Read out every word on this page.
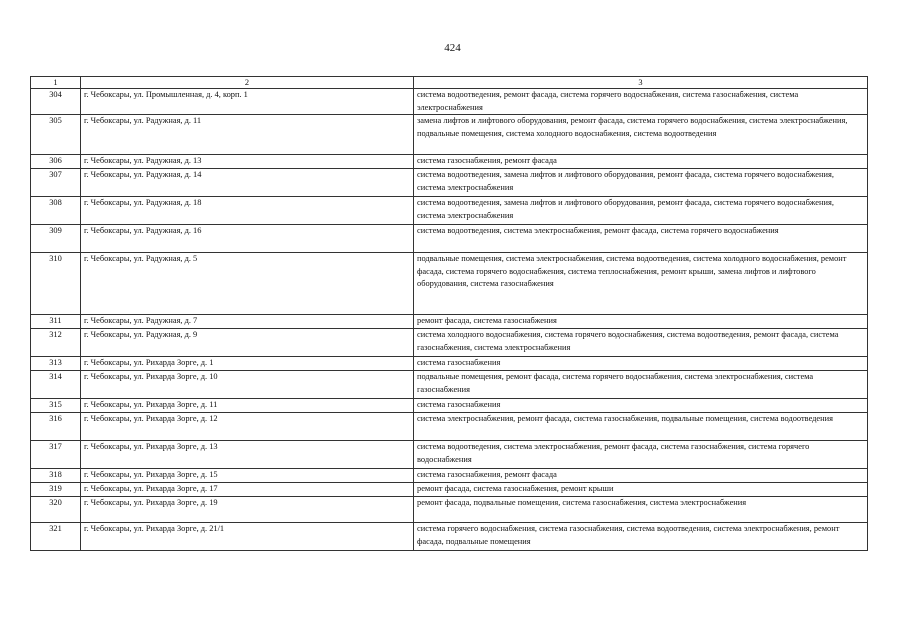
424
1	2	3

304	г. Чебоксары, ул. Промышленная, д. 4, корп. 1	система водоотведения, ремонт фасада, система горячего водоснабжения, система газоснабжения, система электроснабжения

305	г. Чебоксары, ул. Радужная, д. 11	замена лифтов и лифтового оборудования, ремонт фасада, система горячего водоснабжения, система электроснабжения, подвальные помещения, система холодного водоснабжения, система водоотведения

306	г. Чебоксары, ул. Радужная, д. 13	система газоснабжения, ремонт фасада

307	г. Чебоксары, ул. Радужная, д. 14	система водоотведения, замена лифтов и лифтового оборудования, ремонт фасада, система горячего водоснабжения, система электроснабжения

308	г. Чебоксары, ул. Радужная, д. 18	система водоотведения, замена лифтов и лифтового оборудования, ремонт фасада, система горячего водоснабжения, система электроснабжения

309	г. Чебоксары, ул. Радужная, д. 16	система водоотведения, система электроснабжения, ремонт фасада, система горячего водоснабжения

310	г. Чебоксары, ул. Радужная, д. 5	подвальные помещения, система электроснабжения, система водоотведения, система холодного водоснабжения, ремонт фасада, система горячего водоснабжения, система теплоснабжения, ремонт крыши, замена лифтов и лифтового оборудования, система газоснабжения

311	г. Чебоксары, ул. Радужная, д. 7	ремонт фасада, система газоснабжения

312	г. Чебоксары, ул. Радужная, д. 9	система холодного водоснабжения, система горячего водоснабжения, система водоотведения, ремонт фасада, система газоснабжения, система электроснабжения

313	г. Чебоксары, ул. Рихарда Зорге, д. 1	система газоснабжения

314	г. Чебоксары, ул. Рихарда Зорге, д. 10	подвальные помещения, ремонт фасада, система горячего водоснабжения, система электроснабжения, система газоснабжения

315	г. Чебоксары, ул. Рихарда Зорге, д. 11	система газоснабжения

316	г. Чебоксары, ул. Рихарда Зорге, д. 12	система электроснабжения, ремонт фасада, система газоснабжения, подвальные помещения, система водоотведения

317	г. Чебоксары, ул. Рихарда Зорге, д. 13	система водоотведения, система электроснабжения, ремонт фасада, система газоснабжения, система горячего водоснабжения

318	г. Чебоксары, ул. Рихарда Зорге, д. 15	система газоснабжения, ремонт фасада

319	г. Чебоксары, ул. Рихарда Зорге, д. 17	ремонт фасада, система газоснабжения, ремонт крыши

320	г. Чебоксары, ул. Рихарда Зорге, д. 19	ремонт фасада, подвальные помещения, система газоснабжения, система электроснабжения

321	г. Чебоксары, ул. Рихарда Зорге, д. 21/1	система горячего водоснабжения, система газоснабжения, система водоотведения, система электроснабжения, ремонт фасада, подвальные помещения
